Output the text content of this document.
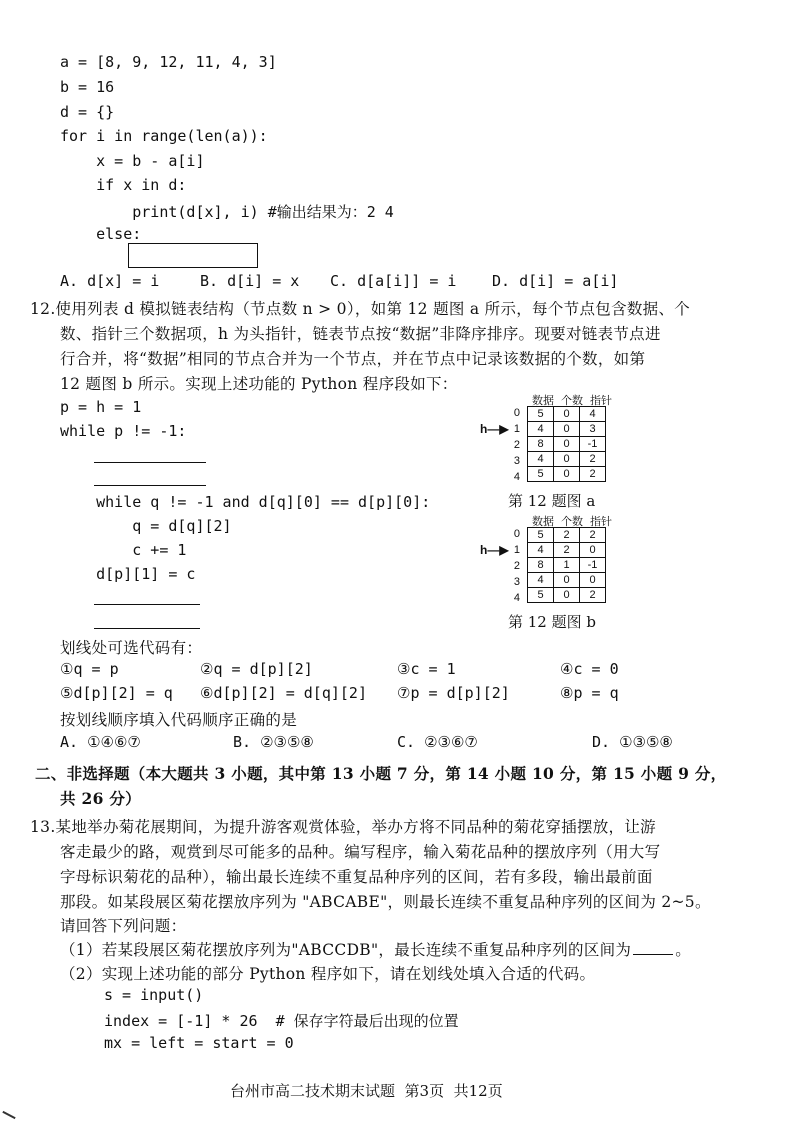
a = [8, 9, 12, 11, 4, 3]
b = 16
d = {}
for i in range(len(a)):
x = b - a[i]
if x in d:
print(d[x], i) #输出结果为：2 4
else:
A. d[x] = i	B. d[i] = x C. d[a[i]] = i D. d[i] = a[i]
12.使用列表 d 模拟链表结构（节点数 n > 0），如第 12 题图 a 所示，每个节点包含数据、个
数、指针三个数据项，h 为头指针，链表节点按“数据”非降序排序。现要对链表节点进
行合并，将“数据”相同的节点合并为一个节点，并在节点中记录该数据的个数，如第
12 题图 b 所示。实现上述功能的 Python 程序段如下：
p = h = 1
while p != -1:
while q != -1 and d[q][0] == d[p][0]:
q = d[q][2]
c += 1
d[p][1] = c
数据  个数  指针
h—▶
0
1
2
3
4
5	0	4
4	0	3
8	0	-1
4	0	2
5	0	2
第 12 题图 a
数据  个数  指针
h—▶
0
1
2
3
4
5	2	2
4	2	0
8	1	-1
4	0	0
5	0	2
第 12 题图 b
划线处可选代码有：
①q = p	②q = d[p][2]	③c = 1	④c = 0
⑤d[p][2] = q ⑥d[p][2] = d[q][2] ⑦p = d[p][2]	⑧p = q
按划线顺序填入代码顺序正确的是
A. ①④⑥⑦	B. ②③⑤⑧	C. ②③⑥⑦	D. ①③⑤⑧
二、非选择题（本大题共 3 小题，其中第 13 小题 7 分，第 14 小题 10 分，第 15 小题 9 分，
共 26 分）
13.某地举办菊花展期间，为提升游客观赏体验，举办方将不同品种的菊花穿插摆放，让游
客走最少的路，观赏到尽可能多的品种。编写程序，输入菊花品种的摆放序列（用大写
字母标识菊花的品种），输出最长连续不重复品种序列的区间，若有多段，输出最前面
那段。如某段展区菊花摆放序列为 "ABCABE"，则最长连续不重复品种序列的区间为 2~5。
请回答下列问题：
（1）若某段展区菊花摆放序列为"ABCCDB"，最长连续不重复品种序列的区间为	。
（2）实现上述功能的部分 Python 程序如下，请在划线处填入合适的代码。
s = input()
index = [-1] * 26  # 保存字符最后出现的位置
mx = left = start = 0
台州市高二技术期末试题  第3页  共12页
